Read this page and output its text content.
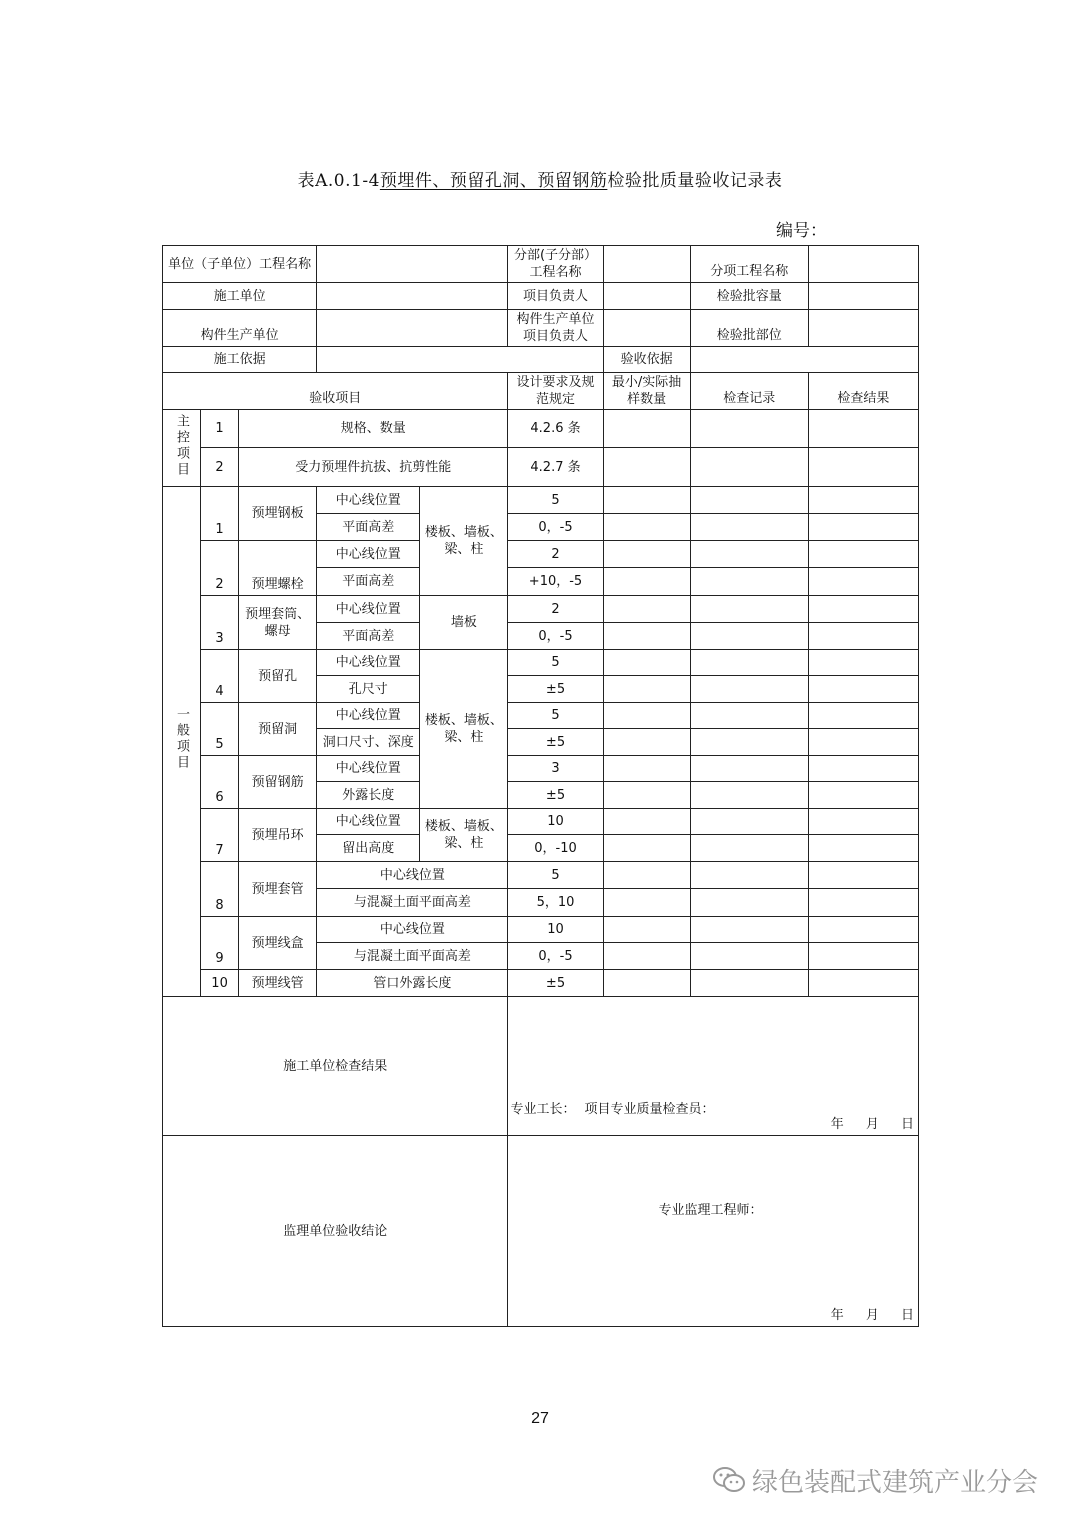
表A.0.1-4预埋件、预留孔洞、预留钢筋检验批质量验收记录表
编号：
单位（子单位）工程名称					分部(子分部）工程名称		分项工程名称	
施工单位					项目负责人		检验批容量	
构件生产单位					构件生产单位项目负责人		检验批部位	
施工依据						验收依据		
验收项目					设计要求及规范规定	最小/实际抽样数量	检查记录	检查结果
主控项目	1	规格、数量			4.2.6 条			
	2	受力预埋件抗拔、抗剪性能			4.2.7 条			
一般项目	1	预埋钢板	中心线位置	楼板、墙板、梁、柱	5			
			平面高差		0，-5			
	2	预埋螺栓	中心线位置		2			
			平面高差		+10，-5			
	3	预埋套筒、螺母	中心线位置	墙板	2			
			平面高差		0，-5			
	4	预留孔	中心线位置	楼板、墙板、梁、柱	5			
			孔尺寸		±5			
	5	预留洞	中心线位置		5			
			洞口尺寸、深度		±5			
	6	预留钢筋	中心线位置		3			
			外露长度		±5			
	7	预埋吊环	中心线位置	楼板、墙板、梁、柱	10			
			留出高度		0，-10			
	8	预埋套管	中心线位置		5			
			与混凝土面平面高差		5，10			
	9	预埋线盒	中心线位置		10			
			与混凝土面平面高差		0，-5			
	10	预埋线管	管口外露长度		±5			
施工单位检查结果					专业工长： 项目专业质量检查员：
年 月 日			

监理单位验收结论					专业监理工程师：
年 月 日			
27
绿色装配式建筑产业分会
